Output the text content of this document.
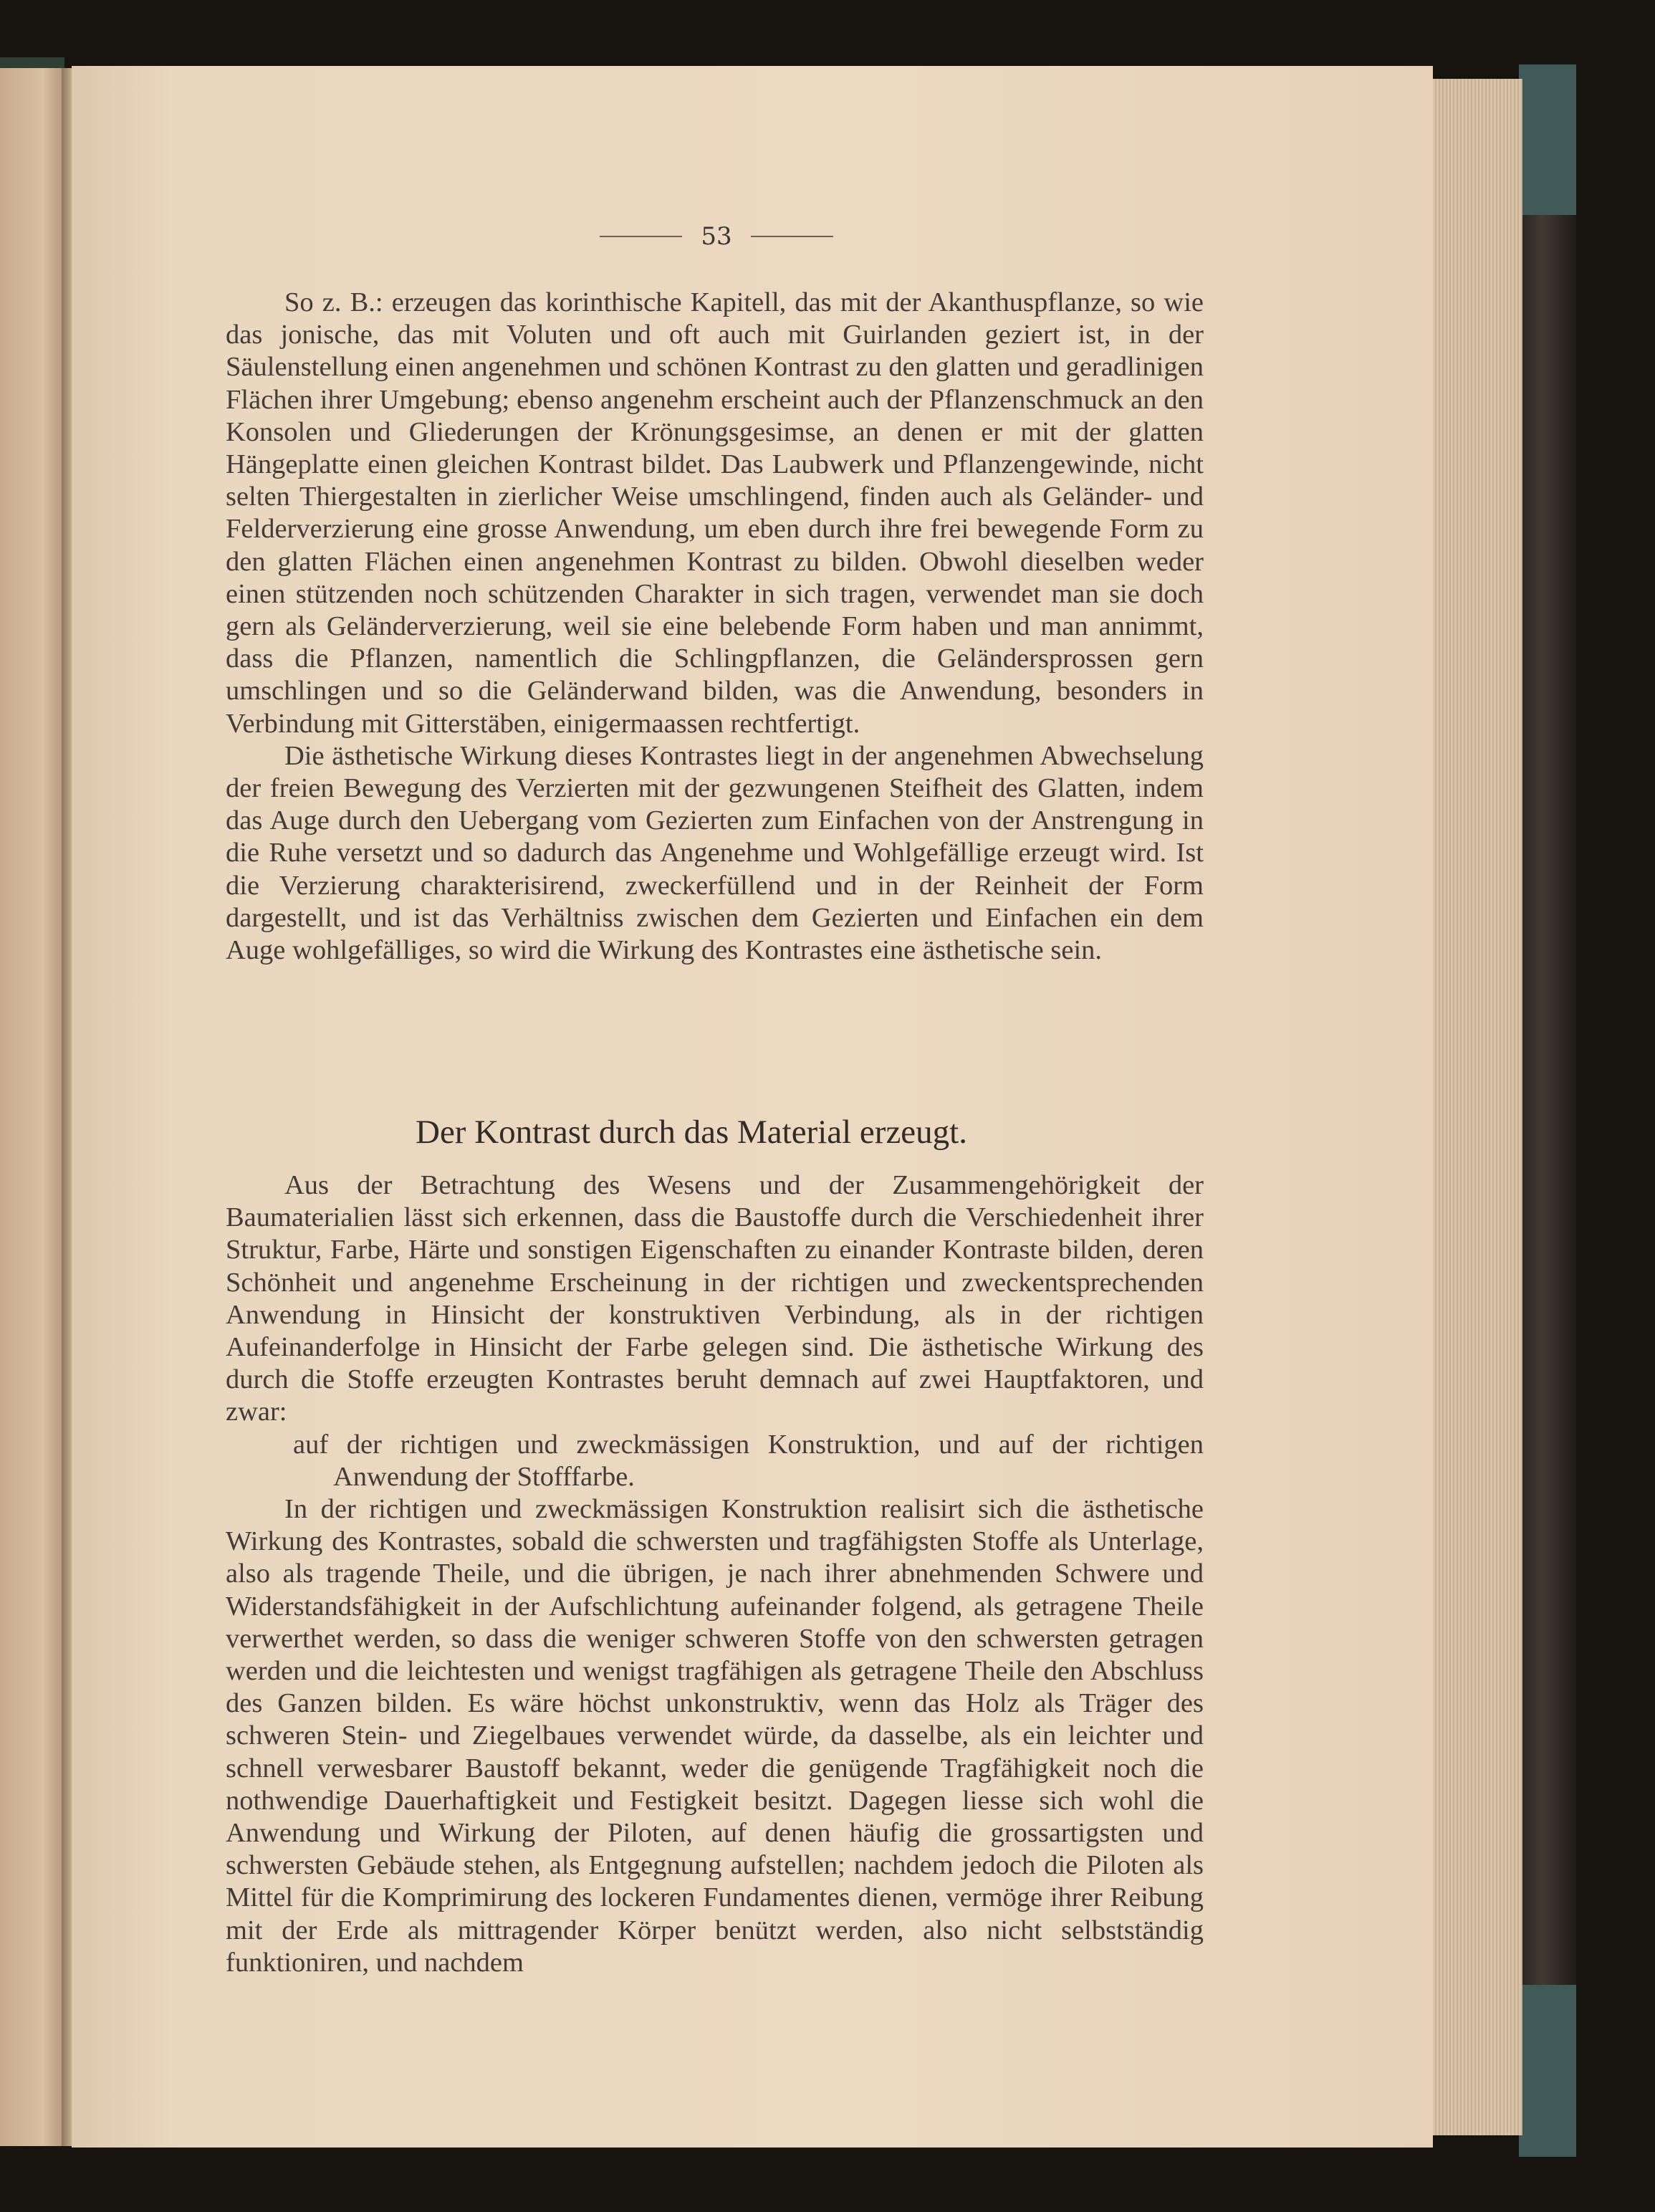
53

So z. B.: erzeugen das korinthische Kapitell, das mit der Akanthuspflanze, so wie das jonische, das mit Voluten und oft auch mit Guirlanden geziert ist, in der Säulenstellung einen angenehmen und schönen Kontrast zu den glatten und geradlinigen Flächen ihrer Umgebung; ebenso angenehm erscheint auch der Pflanzenschmuck an den Konsolen und Gliederungen der Krönungsgesimse, an denen er mit der glatten Hängeplatte einen gleichen Kontrast bildet. Das Laubwerk und Pflanzengewinde, nicht selten Thiergestalten in zierlicher Weise umschlingend, finden auch als Geländer- und Felderverzierung eine grosse Anwendung, um eben durch ihre frei bewegende Form zu den glatten Flächen einen angenehmen Kontrast zu bilden. Obwohl dieselben weder einen stützenden noch schützenden Charakter in sich tragen, verwendet man sie doch gern als Geländerverzierung, weil sie eine belebende Form haben und man annimmt, dass die Pflanzen, namentlich die Schlingpflanzen, die Geländersprossen gern umschlingen und so die Geländerwand bilden, was die Anwendung, besonders in Verbindung mit Gitterstäben, einigermaassen rechtfertigt.

Die ästhetische Wirkung dieses Kontrastes liegt in der angenehmen Abwechselung der freien Bewegung des Verzierten mit der gezwungenen Steifheit des Glatten, indem das Auge durch den Uebergang vom Gezierten zum Einfachen von der Anstrengung in die Ruhe versetzt und so dadurch das Angenehme und Wohlgefällige erzeugt wird. Ist die Verzierung charakterisirend, zweckerfüllend und in der Reinheit der Form dargestellt, und ist das Verhältniss zwischen dem Gezierten und Einfachen ein dem Auge wohlgefälliges, so wird die Wirkung des Kontrastes eine ästhetische sein.

Der Kontrast durch das Material erzeugt.

Aus der Betrachtung des Wesens und der Zusammengehörigkeit der Baumaterialien lässt sich erkennen, dass die Baustoffe durch die Verschiedenheit ihrer Struktur, Farbe, Härte und sonstigen Eigenschaften zu einander Kontraste bilden, deren Schönheit und angenehme Erscheinung in der richtigen und zweckentsprechenden Anwendung in Hinsicht der konstruktiven Verbindung, als in der richtigen Aufeinanderfolge in Hinsicht der Farbe gelegen sind. Die ästhetische Wirkung des durch die Stoffe erzeugten Kontrastes beruht demnach auf zwei Hauptfaktoren, und zwar:

auf der richtigen und zweckmässigen Konstruktion, und auf der richtigen Anwendung der Stofffarbe.

In der richtigen und zweckmässigen Konstruktion realisirt sich die ästhetische Wirkung des Kontrastes, sobald die schwersten und tragfähigsten Stoffe als Unterlage, also als tragende Theile, und die übrigen, je nach ihrer abnehmenden Schwere und Widerstandsfähigkeit in der Aufschlichtung aufeinander folgend, als getragene Theile verwerthet werden, so dass die weniger schweren Stoffe von den schwersten getragen werden und die leichtesten und wenigst tragfähigen als getragene Theile den Abschluss des Ganzen bilden. Es wäre höchst unkonstruktiv, wenn das Holz als Träger des schweren Stein- und Ziegelbaues verwendet würde, da dasselbe, als ein leichter und schnell verwesbarer Baustoff bekannt, weder die genügende Tragfähigkeit noch die nothwendige Dauerhaftigkeit und Festigkeit besitzt. Dagegen liesse sich wohl die Anwendung und Wirkung der Piloten, auf denen häufig die grossartigsten und schwersten Gebäude stehen, als Entgegnung aufstellen; nachdem jedoch die Piloten als Mittel für die Komprimirung des lockeren Fundamentes dienen, vermöge ihrer Reibung mit der Erde als mittragender Körper benützt werden, also nicht selbstständig funktioniren, und nachdem
